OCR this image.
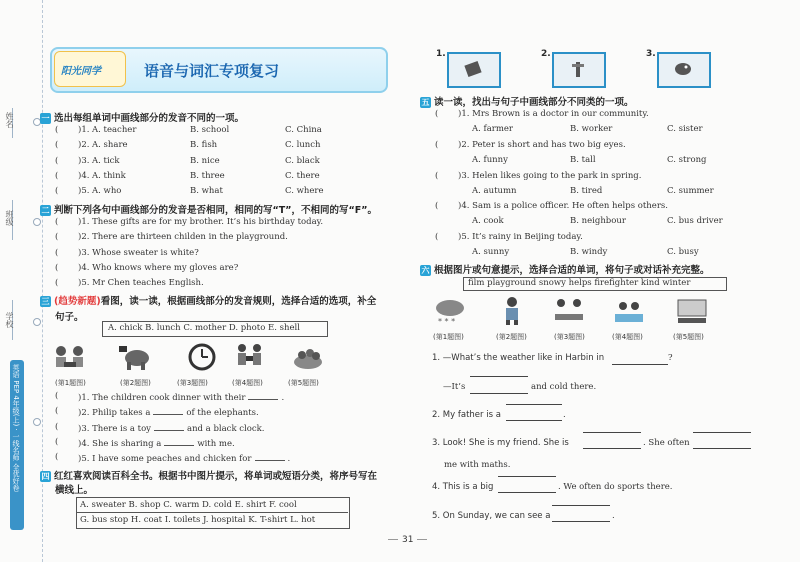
姓名
班级
学校
英语 PEP 4年级(上) · 一线名师 全优好卷
阳光同学	语音与词汇专项复习
一 选出每组单词中画线部分的发音不同的一项。
( )1. A. teacher	B. school	C. China
( )2. A. share	B. fish	C. lunch
( )3. A. tick	B. nice	C. black
( )4. A. think	B. three	C. there
( )5. A. who	B. what	C. where
二 判断下列各句中画线部分的发音是否相同，相同的写“T”，不相同的写“F”。
( )1. These gifts are for my brother. It’s his birthday today.
( )2. There are thirteen childen in the playground.
( )3. Whose sweater is white?
( )4. Who knows where my gloves are?
( )5. Mr Chen teaches English.
三 (趋势新题)看图，读一读，根据画线部分的发音规则，选择合适的选项，补全
句子。
A. chick B. lunch C. mother D. photo E. shell
(第1题图)	(第2题图)	(第3题图)	(第4题图)	(第5题图)
( )1. The children cook dinner with their	.
( )2. Philip takes a	of the elephants.
( )3. There is a toy	and a black clock.
( )4. She is sharing a	with me.
( )5. I have some peaches and chicken for	.
四 红红喜欢阅读百科全书。根据书中图片提示，将单词或短语分类，将序号写在
横线上。
A. sweater B. shop C. warm D. cold E. shirt F. cool
G. bus stop H. coat I. toilets J. hospital K. T-shirt L. hot
31
1.	2.	3.
五 读一读，找出与句子中画线部分不同类的一项。
( )1. Mrs Brown is a doctor in our community.
A. farmer	B. worker	C. sister
( )2. Peter is short and has two big eyes.
A. funny	B. tall	C. strong
( )3. Helen likes going to the park in spring.
A. autumn	B. tired	C. summer
( )4. Sam is a police officer. He often helps others.
A. cook	B. neighbour	C. bus driver
( )5. It’s rainy in Beijing today.
A. sunny	B. windy	C. busy
六 根据图片或句意提示，选择合适的单词，将句子或对话补充完整。
film playground snowy helps firefighter kind winter
* * *
(第1题图)	(第2题图)	(第3题图)	(第4题图)	(第5题图)
1. —What’s the weather like in Harbin in	?
—It’s	and cold there.
2. My father is a	.
3. Look! She is my friend. She is	. She often
me with maths.
4. This is a big	. We often do sports there.
5. On Sunday, we can see a	.
